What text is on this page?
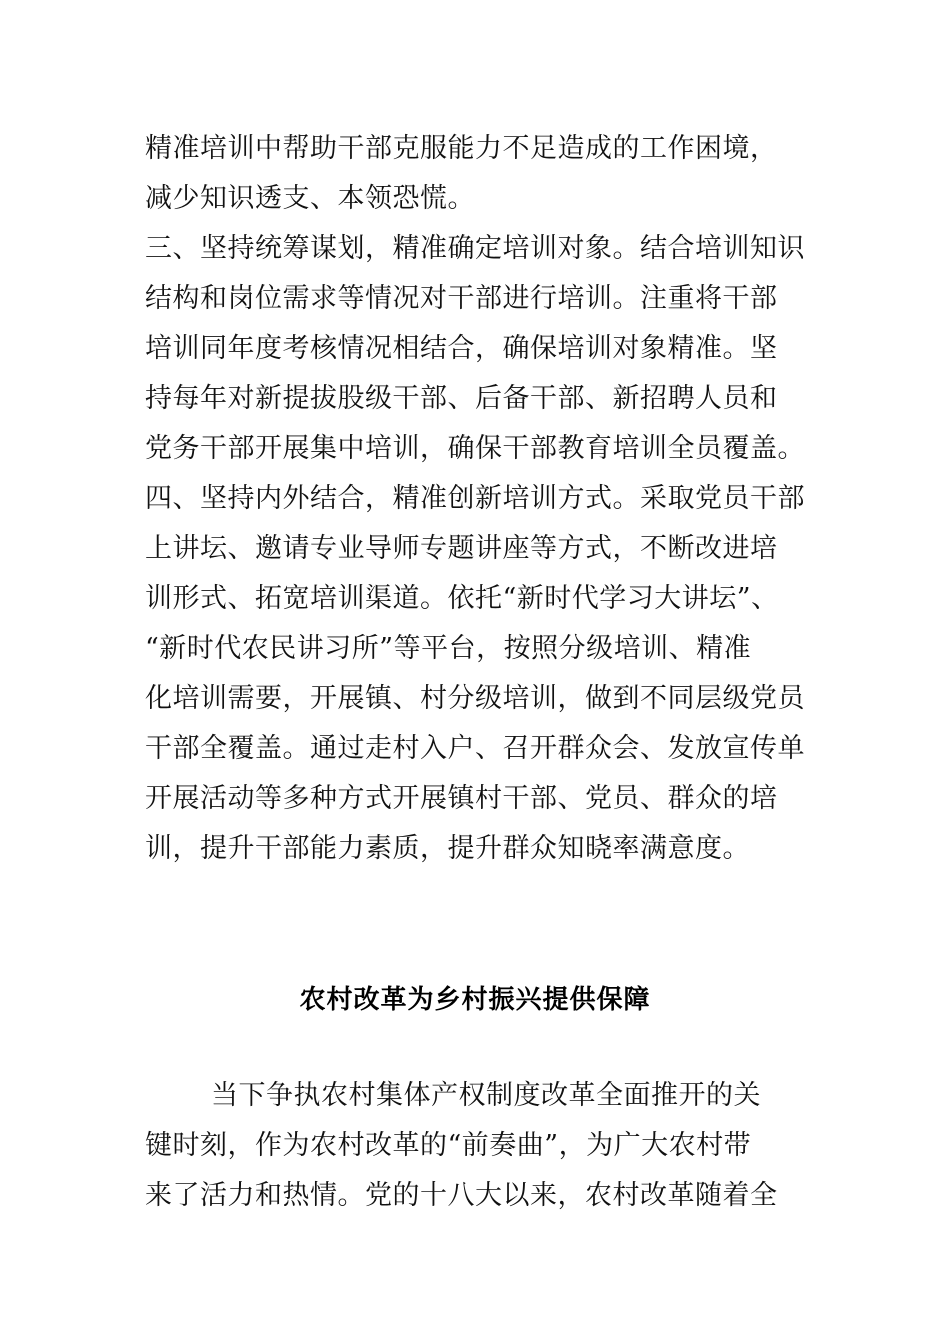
精准培训中帮助干部克服能力不足造成的工作困境，
减少知识透支、本领恐慌。
三、坚持统筹谋划，精准确定培训对象。结合培训知识
结构和岗位需求等情况对干部进行培训。注重将干部
培训同年度考核情况相结合，确保培训对象精准。坚
持每年对新提拔股级干部、后备干部、新招聘人员和
党务干部开展集中培训，确保干部教育培训全员覆盖。
四、坚持内外结合，精准创新培训方式。采取党员干部
上讲坛、邀请专业导师专题讲座等方式，不断改进培
训形式、拓宽培训渠道。依托“新时代学习大讲坛”、
“新时代农民讲习所”等平台，按照分级培训、精准
化培训需要，开展镇、村分级培训，做到不同层级党员
干部全覆盖。通过走村入户、召开群众会、发放宣传单
开展活动等多种方式开展镇村干部、党员、群众的培
训，提升干部能力素质，提升群众知晓率满意度。
农村改革为乡村振兴提供保障
当下争执农村集体产权制度改革全面推开的关
键时刻，作为农村改革的“前奏曲”，为广大农村带
来了活力和热情。党的十八大以来，农村改革随着全
